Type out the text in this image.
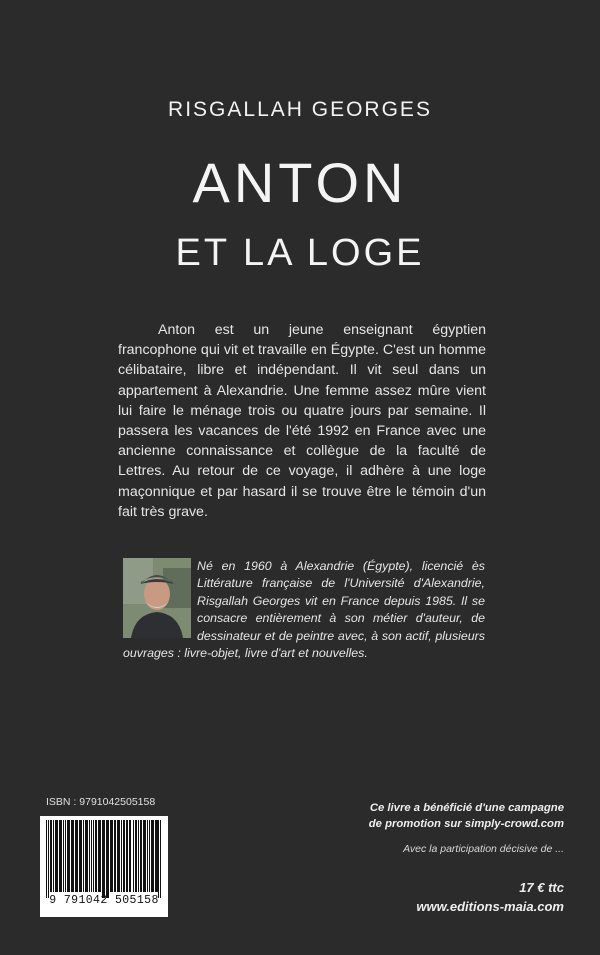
RISGALLAH GEORGES
ANTON
ET LA LOGE

Anton est un jeune enseignant égyptien francophone qui vit et travaille en Égypte. C'est un homme célibataire, libre et indépendant. Il vit seul dans un appartement à Alexandrie. Une femme assez mûre vient lui faire le ménage trois ou quatre jours par semaine. Il passera les vacances de l'été 1992 en France avec une ancienne connaissance et collègue de la faculté de Lettres. Au retour de ce voyage, il adhère à une loge maçonnique et par hasard il se trouve être le témoin d'un fait très grave.

Né en 1960 à Alexandrie (Égypte), licencié ès Littérature française de l'Université d'Alexandrie, Risgallah Georges vit en France depuis 1985. Il se consacre entièrement à son métier d'auteur, de dessinateur et de peintre avec, à son actif, plusieurs ouvrages : livre-objet, livre d'art et nouvelles.
ISBN : 9791042505158
9 791042 505158
Ce livre a bénéficié d'une campagne
de promotion sur simply-crowd.com
Avec la participation décisive de ...
17 € ttc
www.editions-maia.com
